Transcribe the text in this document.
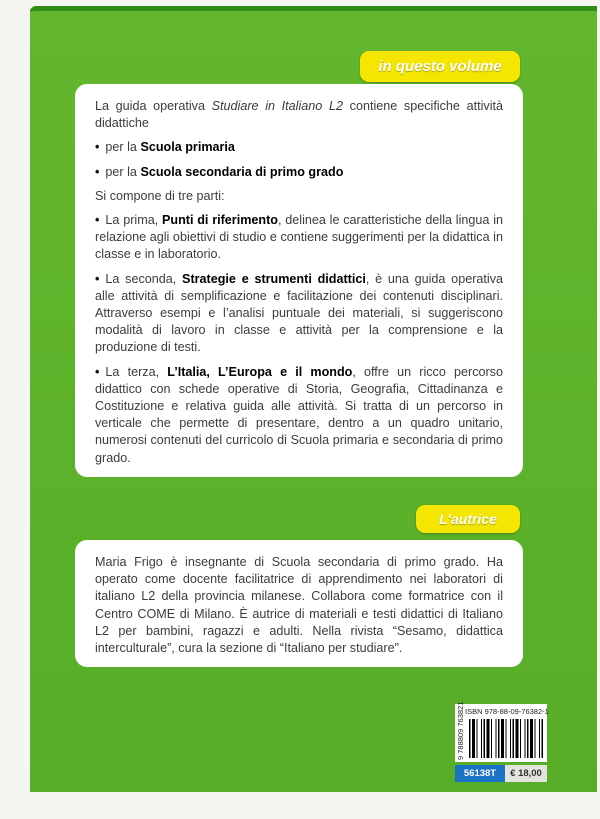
in questo volume

La guida operativa Studiare in Italiano L2 contiene specifiche attività didattiche

• per la Scuola primaria

• per la Scuola secondaria di primo grado

Si compone di tre parti:

• La prima, Punti di riferimento, delinea le caratteristiche della lingua in relazione agli obiettivi di studio e contiene suggerimenti per la didattica in classe e in laboratorio.

• La seconda, Strategie e strumenti didattici, è una guida operativa alle attività di semplificazione e facilitazione dei contenuti disciplinari. Attraverso esempi e l’analisi puntuale dei materiali, si suggeriscono modalità di lavoro in classe e attività per la comprensione e la produzione di testi.

• La terza, L’Italia, L’Europa e il mondo, offre un ricco percorso didattico con schede operative di Storia, Geografia, Cittadinanza e Costituzione e relativa guida alle attività. Si tratta di un percorso in verticale che permette di presentare, dentro a un quadro unitario, numerosi contenuti del curricolo di Scuola primaria e secondaria di primo grado.

L'autrice

Maria Frigo è insegnante di Scuola secondaria di primo grado. Ha operato come docente facilitatrice di apprendimento nei laboratori di italiano L2 della provincia milanese. Collabora come formatrice con il Centro COME di Milano. È autrice di materiali e testi didattici di Italiano L2 per bambini, ragazzi e adulti. Nella rivista “Sesamo, didattica interculturale”, cura la sezione di “Italiano per studiare”.

ISBN 978-88-09-76382-1
9 788809 763821
56138T	€ 18,00
